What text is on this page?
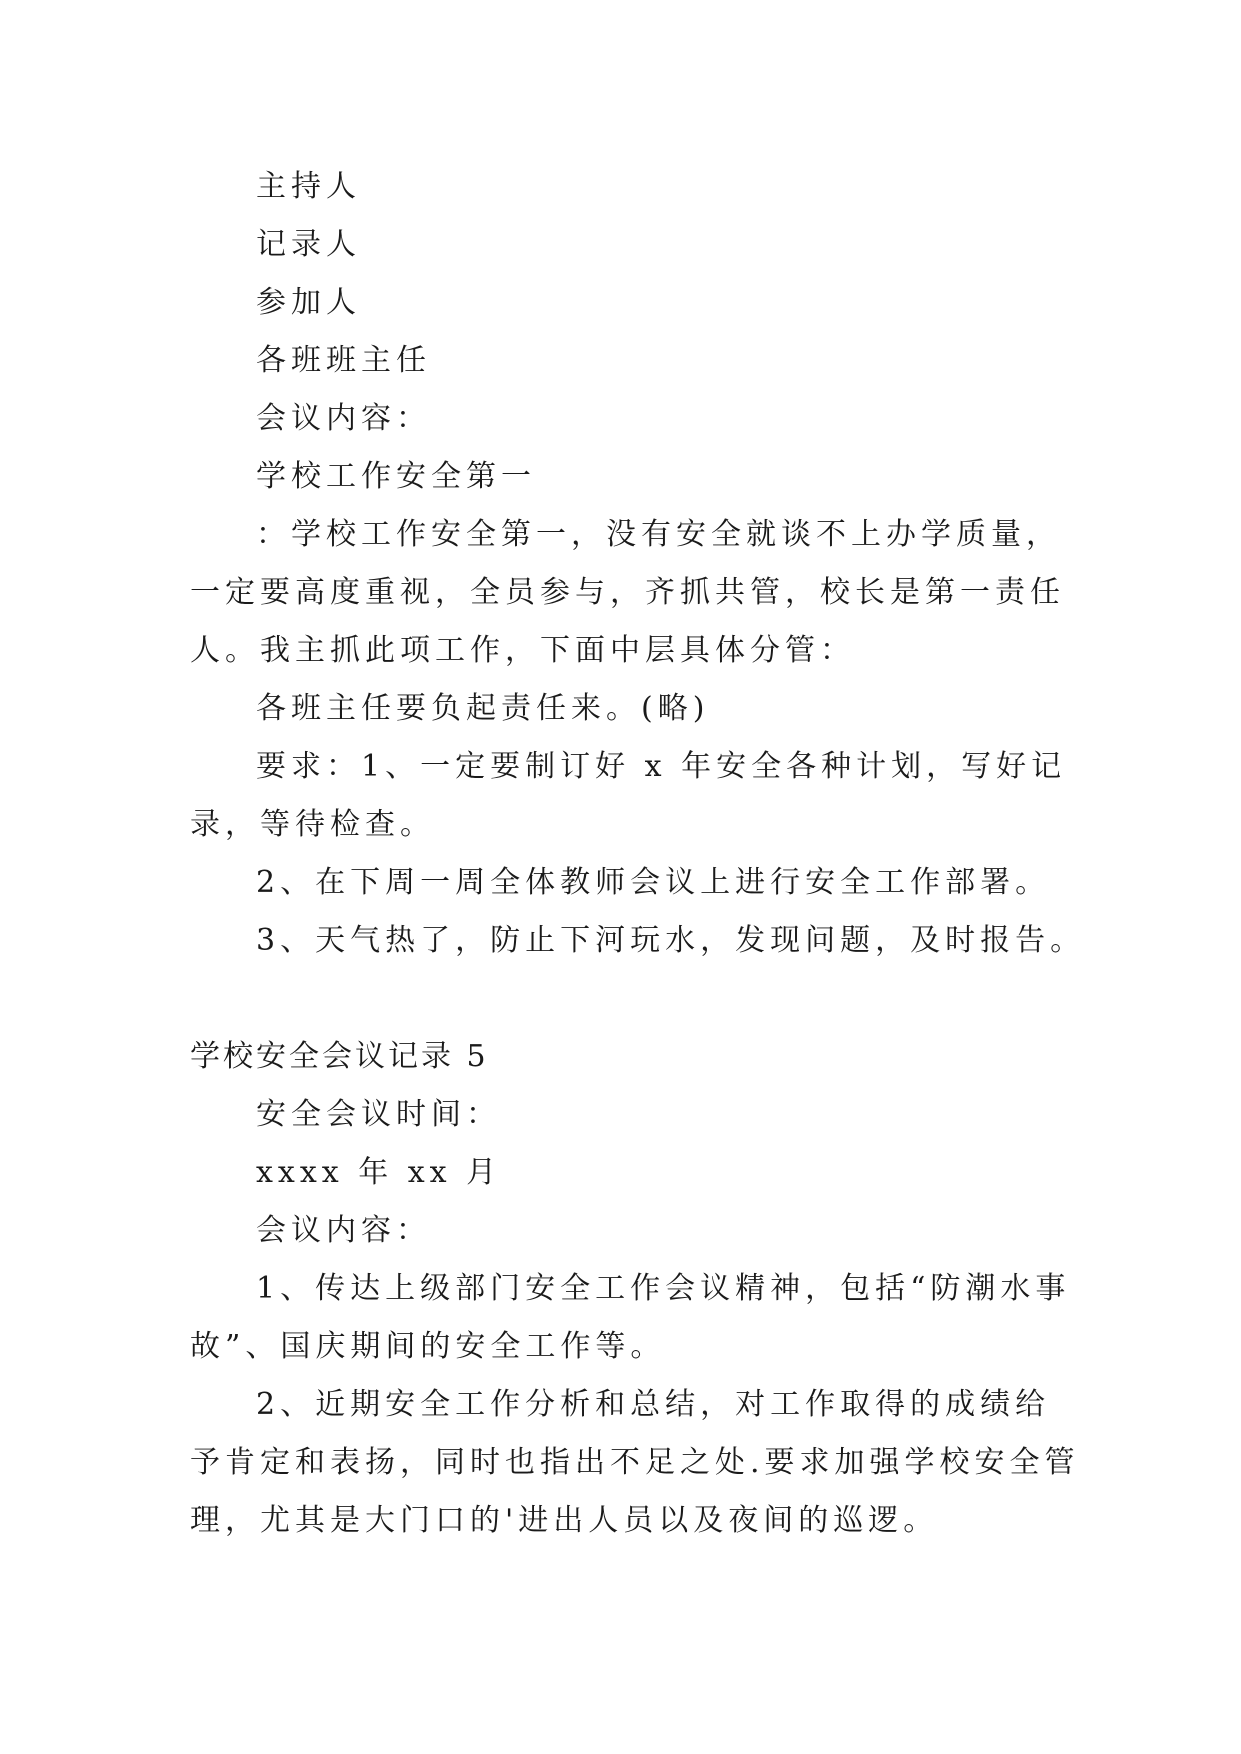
主持人
记录人
参加人
各班班主任
会议内容：
学校工作安全第一
：学校工作安全第一，没有安全就谈不上办学质量，一定要高度重视，全员参与，齐抓共管，校长是第一责任人。我主抓此项工作，下面中层具体分管：
各班主任要负起责任来。(略)
要求：1、一定要制订好 x 年安全各种计划，写好记录，等待检查。
2、在下周一周全体教师会议上进行安全工作部署。
3、天气热了，防止下河玩水，发现问题，及时报告。
学校安全会议记录 5
安全会议时间：
xxxx 年 xx 月
会议内容：
1、传达上级部门安全工作会议精神，包括“防潮水事故”、国庆期间的安全工作等。
2、近期安全工作分析和总结，对工作取得的成绩给予肯定和表扬，同时也指出不足之处.要求加强学校安全管理，尤其是大门口的'进出人员以及夜间的巡逻。
